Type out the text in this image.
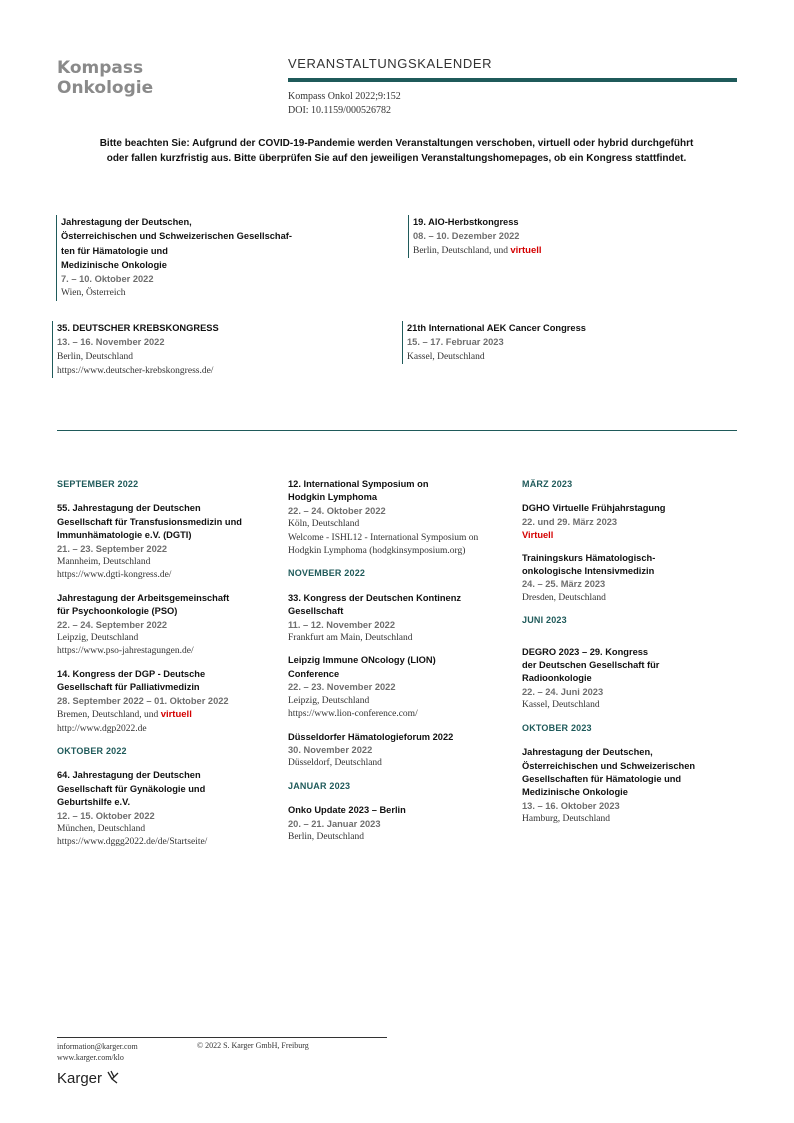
Kompass
Onkologie
VERANSTALTUNGSKALENDER
Kompass Onkol 2022;9:152
DOI: 10.1159/000526782
Bitte beachten Sie: Aufgrund der COVID-19-Pandemie werden Veranstaltungen verschoben, virtuell oder hybrid durchgeführt
oder fallen kurzfristig aus. Bitte überprüfen Sie auf den jeweiligen Veranstaltungshomepages, ob ein Kongress stattfindet.
Jahrestagung der Deutschen,
Österreichischen und Schweizerischen Gesellschaf-
ten für Hämatologie und
Medizinische Onkologie
7. – 10. Oktober 2022
Wien, Österreich
19. AIO-Herbstkongress
08. – 10. Dezember 2022
Berlin, Deutschland, und virtuell
35. DEUTSCHER KREBSKONGRESS
13. – 16. November 2022
Berlin, Deutschland
https://www.deutscher-krebskongress.de/
21th International AEK Cancer Congress
15. – 17. Februar 2023
Kassel, Deutschland
SEPTEMBER 2022
55. Jahrestagung der Deutschen
Gesellschaft für Transfusionsmedizin und
Immunhämatologie e.V. (DGTI)
21. – 23. September 2022
Mannheim, Deutschland
https://www.dgti-kongress.de/
Jahrestagung der Arbeitsgemeinschaft
für Psychoonkologie (PSO)
22. – 24. September 2022
Leipzig, Deutschland
https://www.pso-jahrestagungen.de/
14. Kongress der DGP - Deutsche
Gesellschaft für Palliativmedizin
28. September 2022 – 01. Oktober 2022
Bremen, Deutschland, und virtuell
http://www.dgp2022.de
OKTOBER 2022
64. Jahrestagung der Deutschen
Gesellschaft für Gynäkologie und
Geburtshilfe e.V.
12. – 15. Oktober 2022
München, Deutschland
https://www.dggg2022.de/de/Startseite/
12. International Symposium on
Hodgkin Lymphoma
22. – 24. Oktober 2022
Köln, Deutschland
Welcome - ISHL12 - International Symposium on
Hodgkin Lymphoma (hodgkinsymposium.org)
NOVEMBER 2022
33. Kongress der Deutschen Kontinenz
Gesellschaft
11. – 12. November 2022
Frankfurt am Main, Deutschland
Leipzig Immune ONcology (LION)
Conference
22. – 23. November 2022
Leipzig, Deutschland
https://www.lion-conference.com/
Düsseldorfer Hämatologieforum 2022
30. November 2022
Düsseldorf, Deutschland
JANUAR 2023
Onko Update 2023 – Berlin
20. – 21. Januar 2023
Berlin, Deutschland
MÄRZ 2023
DGHO Virtuelle Frühjahrstagung
22. und 29. März 2023
Virtuell
Trainingskurs Hämatologisch-
onkologische Intensivmedizin
24. – 25. März 2023
Dresden, Deutschland
JUNI 2023
DEGRO 2023 – 29. Kongress
der Deutschen Gesellschaft für
Radioonkologie
22. – 24. Juni 2023
Kassel, Deutschland
OKTOBER 2023
Jahrestagung der Deutschen,
Österreichischen und Schweizerischen
Gesellschaften für Hämatologie und
Medizinische Onkologie
13. – 16. Oktober 2023
Hamburg, Deutschland
information@karger.com
www.karger.com/klo
© 2022 S. Karger GmbH, Freiburg
Karger
